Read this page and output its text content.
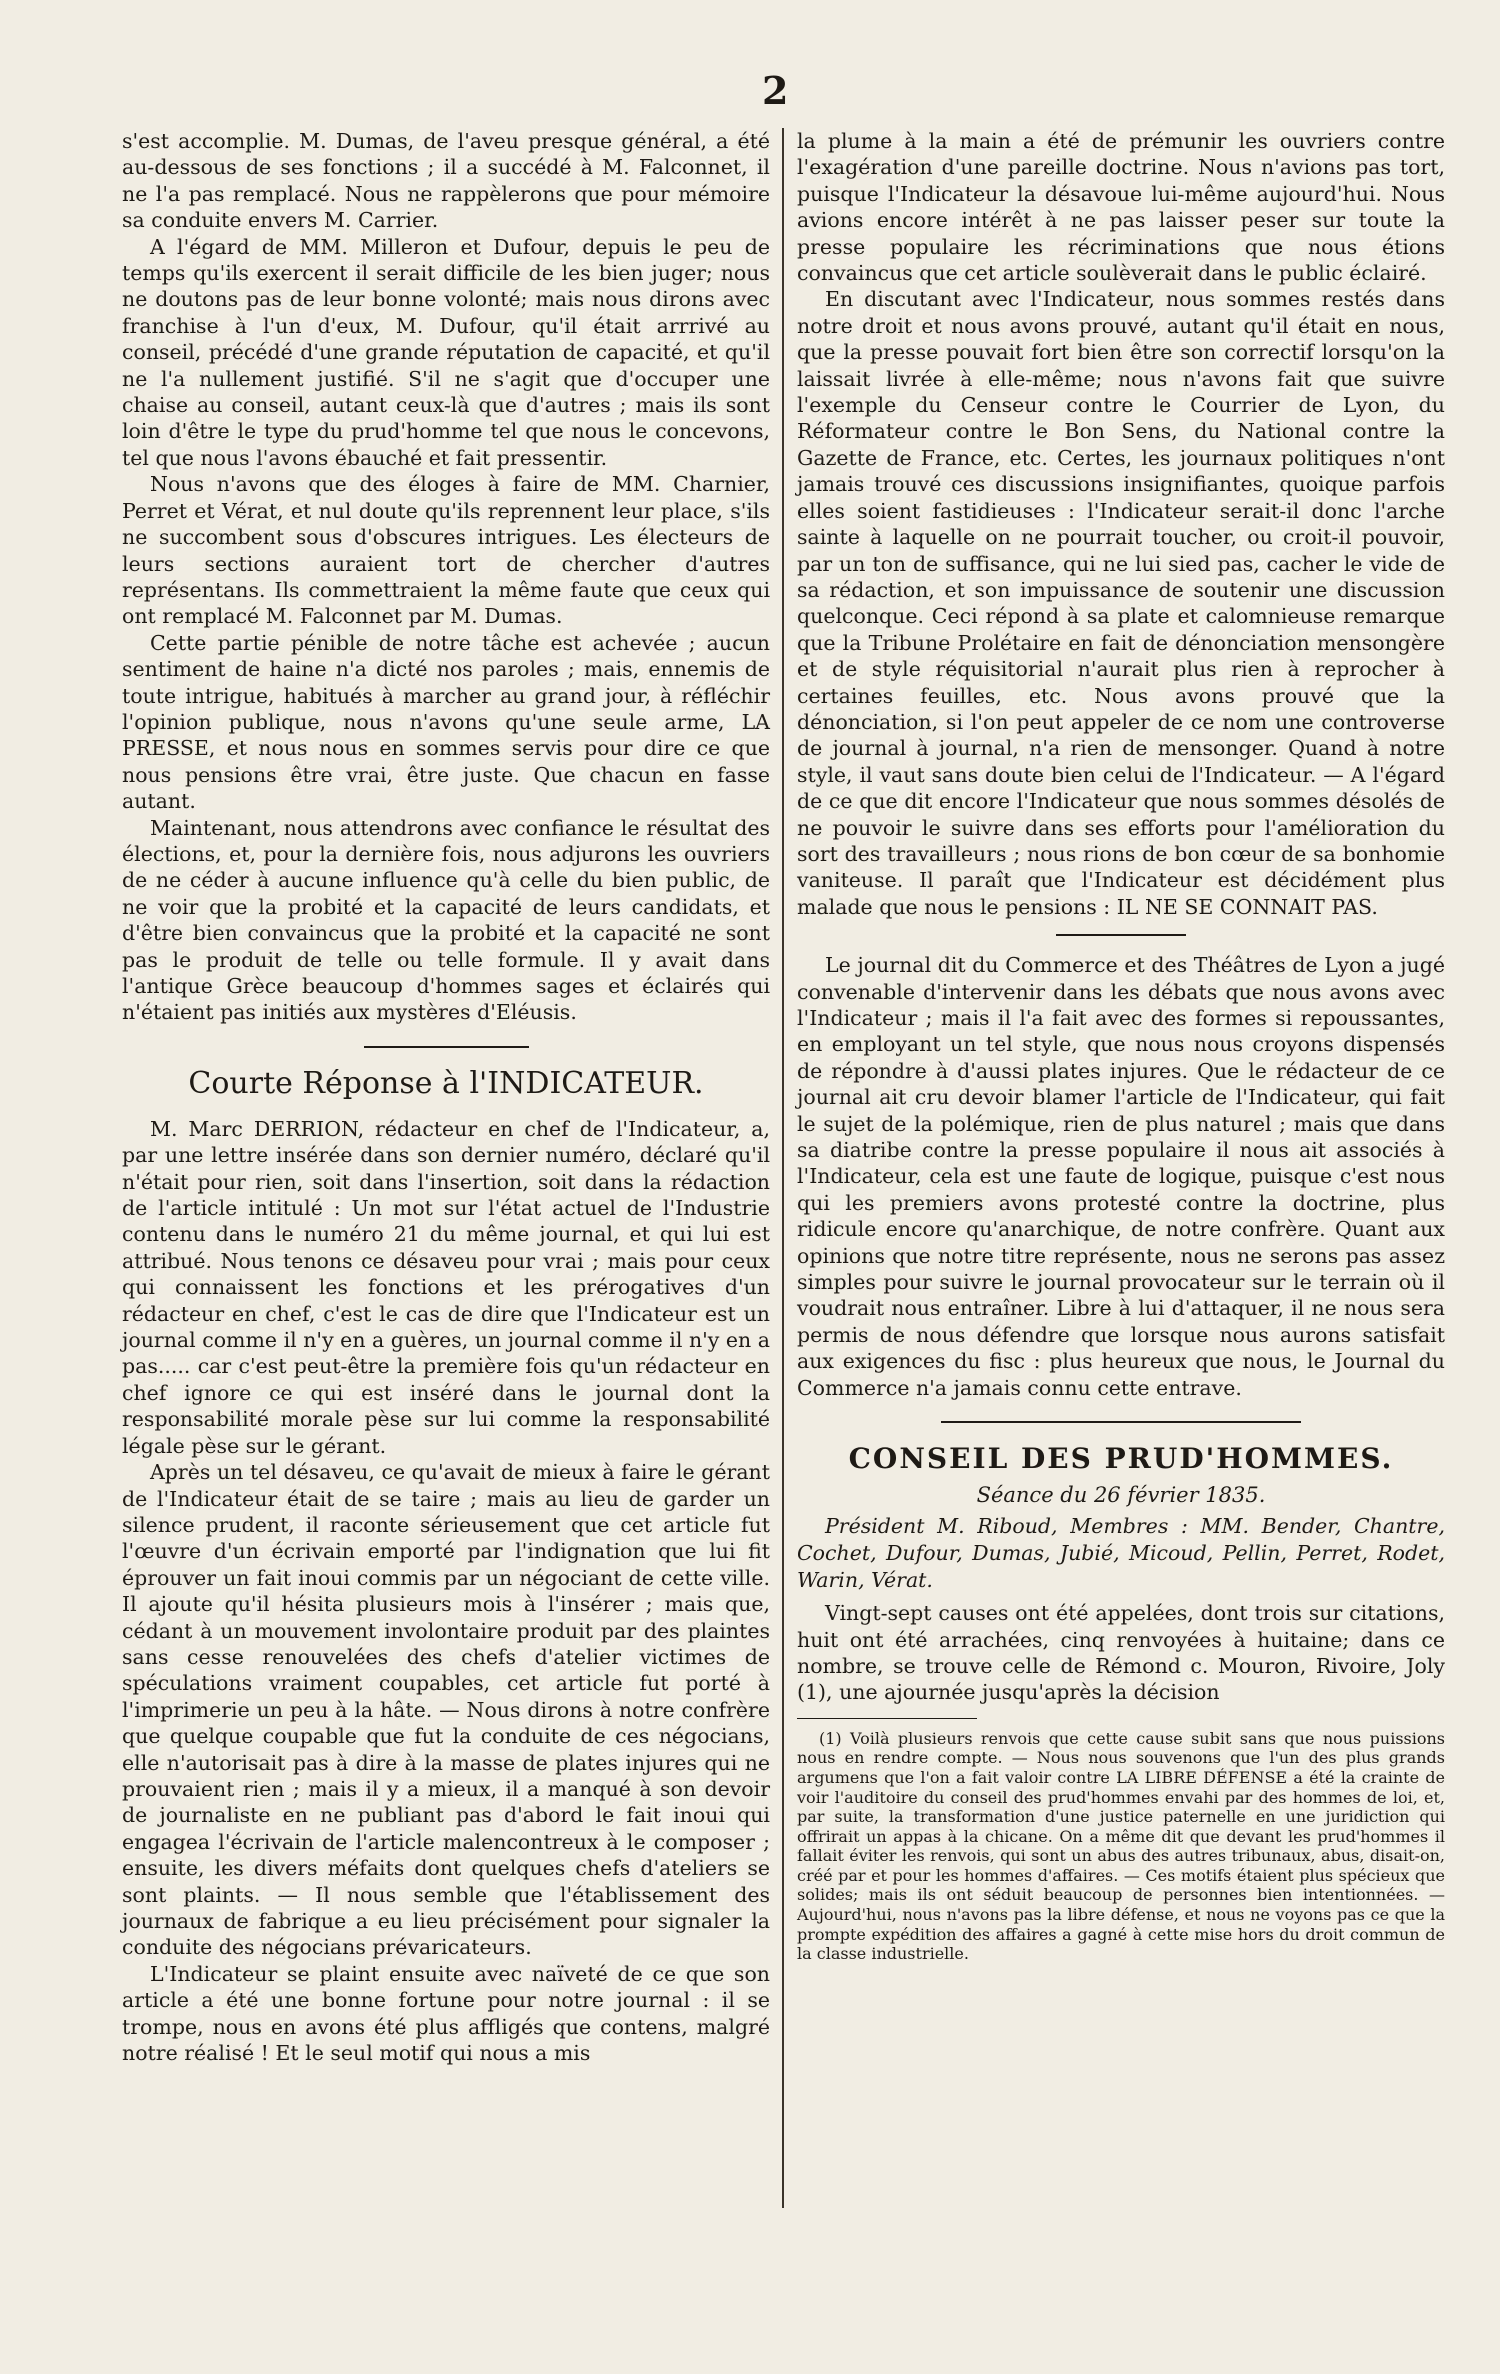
2

s'est accomplie. M. Dumas, de l'aveu presque général, a été au-dessous de ses fonctions ; il a succédé à M. Falconnet, il ne l'a pas remplacé. Nous ne rappèlerons que pour mémoire sa conduite envers M. Carrier.

A l'égard de MM. Milleron et Dufour, depuis le peu de temps qu'ils exercent il serait difficile de les bien juger; nous ne doutons pas de leur bonne volonté; mais nous dirons avec franchise à l'un d'eux, M. Dufour, qu'il était arrrivé au conseil, précédé d'une grande réputation de capacité, et qu'il ne l'a nullement justifié. S'il ne s'agit que d'occuper une chaise au conseil, autant ceux-là que d'autres ; mais ils sont loin d'être le type du prud'homme tel que nous le concevons, tel que nous l'avons ébauché et fait pressentir.

Nous n'avons que des éloges à faire de MM. Charnier, Perret et Vérat, et nul doute qu'ils reprennent leur place, s'ils ne succombent sous d'obscures intrigues. Les électeurs de leurs sections auraient tort de chercher d'autres représentans. Ils commettraient la même faute que ceux qui ont remplacé M. Falconnet par M. Dumas.

Cette partie pénible de notre tâche est achevée ; aucun sentiment de haine n'a dicté nos paroles ; mais, ennemis de toute intrigue, habitués à marcher au grand jour, à réfléchir l'opinion publique, nous n'avons qu'une seule arme, LA PRESSE, et nous nous en sommes servis pour dire ce que nous pensions être vrai, être juste. Que chacun en fasse autant.

Maintenant, nous attendrons avec confiance le résultat des élections, et, pour la dernière fois, nous adjurons les ouvriers de ne céder à aucune influence qu'à celle du bien public, de ne voir que la probité et la capacité de leurs candidats, et d'être bien convaincus que la probité et la capacité ne sont pas le produit de telle ou telle formule. Il y avait dans l'antique Grèce beaucoup d'hommes sages et éclairés qui n'étaient pas initiés aux mystères d'Eléusis.

Courte Réponse à l'INDICATEUR.

M. Marc DERRION, rédacteur en chef de l'Indicateur, a, par une lettre insérée dans son dernier numéro, déclaré qu'il n'était pour rien, soit dans l'insertion, soit dans la rédaction de l'article intitulé : Un mot sur l'état actuel de l'Industrie contenu dans le numéro 21 du même journal, et qui lui est attribué. Nous tenons ce désaveu pour vrai ; mais pour ceux qui connaissent les fonctions et les prérogatives d'un rédacteur en chef, c'est le cas de dire que l'Indicateur est un journal comme il n'y en a guères, un journal comme il n'y en a pas..... car c'est peut-être la première fois qu'un rédacteur en chef ignore ce qui est inséré dans le journal dont la responsabilité morale pèse sur lui comme la responsabilité légale pèse sur le gérant.

Après un tel désaveu, ce qu'avait de mieux à faire le gérant de l'Indicateur était de se taire ; mais au lieu de garder un silence prudent, il raconte sérieusement que cet article fut l'œuvre d'un écrivain emporté par l'indignation que lui fit éprouver un fait inoui commis par un négociant de cette ville. Il ajoute qu'il hésita plusieurs mois à l'insérer ; mais que, cédant à un mouvement involontaire produit par des plaintes sans cesse renouvelées des chefs d'atelier victimes de spéculations vraiment coupables, cet article fut porté à l'imprimerie un peu à la hâte. — Nous dirons à notre confrère que quelque coupable que fut la conduite de ces négocians, elle n'autorisait pas à dire à la masse de plates injures qui ne prouvaient rien ; mais il y a mieux, il a manqué à son devoir de journaliste en ne publiant pas d'abord le fait inoui qui engagea l'écrivain de l'article malencontreux à le composer ; ensuite, les divers méfaits dont quelques chefs d'ateliers se sont plaints. — Il nous semble que l'établissement des journaux de fabrique a eu lieu précisément pour signaler la conduite des négocians prévaricateurs.

L'Indicateur se plaint ensuite avec naïveté de ce que son article a été une bonne fortune pour notre journal : il se trompe, nous en avons été plus affligés que contens, malgré notre réalisé ! Et le seul motif qui nous a mis

la plume à la main a été de prémunir les ouvriers contre l'exagération d'une pareille doctrine. Nous n'avions pas tort, puisque l'Indicateur la désavoue lui-même aujourd'hui. Nous avions encore intérêt à ne pas laisser peser sur toute la presse populaire les récriminations que nous étions convaincus que cet article soulèverait dans le public éclairé.

En discutant avec l'Indicateur, nous sommes restés dans notre droit et nous avons prouvé, autant qu'il était en nous, que la presse pouvait fort bien être son correctif lorsqu'on la laissait livrée à elle-même; nous n'avons fait que suivre l'exemple du Censeur contre le Courrier de Lyon, du Réformateur contre le Bon Sens, du National contre la Gazette de France, etc. Certes, les journaux politiques n'ont jamais trouvé ces discussions insignifiantes, quoique parfois elles soient fastidieuses : l'Indicateur serait-il donc l'arche sainte à laquelle on ne pourrait toucher, ou croit-il pouvoir, par un ton de suffisance, qui ne lui sied pas, cacher le vide de sa rédaction, et son impuissance de soutenir une discussion quelconque. Ceci répond à sa plate et calomnieuse remarque que la Tribune Prolétaire en fait de dénonciation mensongère et de style réquisitorial n'aurait plus rien à reprocher à certaines feuilles, etc. Nous avons prouvé que la dénonciation, si l'on peut appeler de ce nom une controverse de journal à journal, n'a rien de mensonger. Quand à notre style, il vaut sans doute bien celui de l'Indicateur. — A l'égard de ce que dit encore l'Indicateur que nous sommes désolés de ne pouvoir le suivre dans ses efforts pour l'amélioration du sort des travailleurs ; nous rions de bon cœur de sa bonhomie vaniteuse. Il paraît que l'Indicateur est décidément plus malade que nous le pensions : IL NE SE CONNAIT PAS.

Le journal dit du Commerce et des Théâtres de Lyon a jugé convenable d'intervenir dans les débats que nous avons avec l'Indicateur ; mais il l'a fait avec des formes si repoussantes, en employant un tel style, que nous nous croyons dispensés de répondre à d'aussi plates injures. Que le rédacteur de ce journal ait cru devoir blamer l'article de l'Indicateur, qui fait le sujet de la polémique, rien de plus naturel ; mais que dans sa diatribe contre la presse populaire il nous ait associés à l'Indicateur, cela est une faute de logique, puisque c'est nous qui les premiers avons protesté contre la doctrine, plus ridicule encore qu'anarchique, de notre confrère. Quant aux opinions que notre titre représente, nous ne serons pas assez simples pour suivre le journal provocateur sur le terrain où il voudrait nous entraîner. Libre à lui d'attaquer, il ne nous sera permis de nous défendre que lorsque nous aurons satisfait aux exigences du fisc : plus heureux que nous, le Journal du Commerce n'a jamais connu cette entrave.

CONSEIL DES PRUD'HOMMES.
Séance du 26 février 1835.

Président M. Riboud, Membres : MM. Bender, Chantre, Cochet, Dufour, Dumas, Jubié, Micoud, Pellin, Perret, Rodet, Warin, Vérat.

Vingt-sept causes ont été appelées, dont trois sur citations, huit ont été arrachées, cinq renvoyées à huitaine; dans ce nombre, se trouve celle de Rémond c. Mouron, Rivoire, Joly (1), une ajournée jusqu'après la décision

(1) Voilà plusieurs renvois que cette cause subit sans que nous puissions nous en rendre compte. — Nous nous souvenons que l'un des plus grands argumens que l'on a fait valoir contre LA LIBRE DÉFENSE a été la crainte de voir l'auditoire du conseil des prud'hommes envahi par des hommes de loi, et, par suite, la transformation d'une justice paternelle en une juridiction qui offrirait un appas à la chicane. On a même dit que devant les prud'hommes il fallait éviter les renvois, qui sont un abus des autres tribunaux, abus, disait-on, créé par et pour les hommes d'affaires. — Ces motifs étaient plus spécieux que solides; mais ils ont séduit beaucoup de personnes bien intentionnées. — Aujourd'hui, nous n'avons pas la libre défense, et nous ne voyons pas ce que la prompte expédition des affaires a gagné à cette mise hors du droit commun de la classe industrielle.
